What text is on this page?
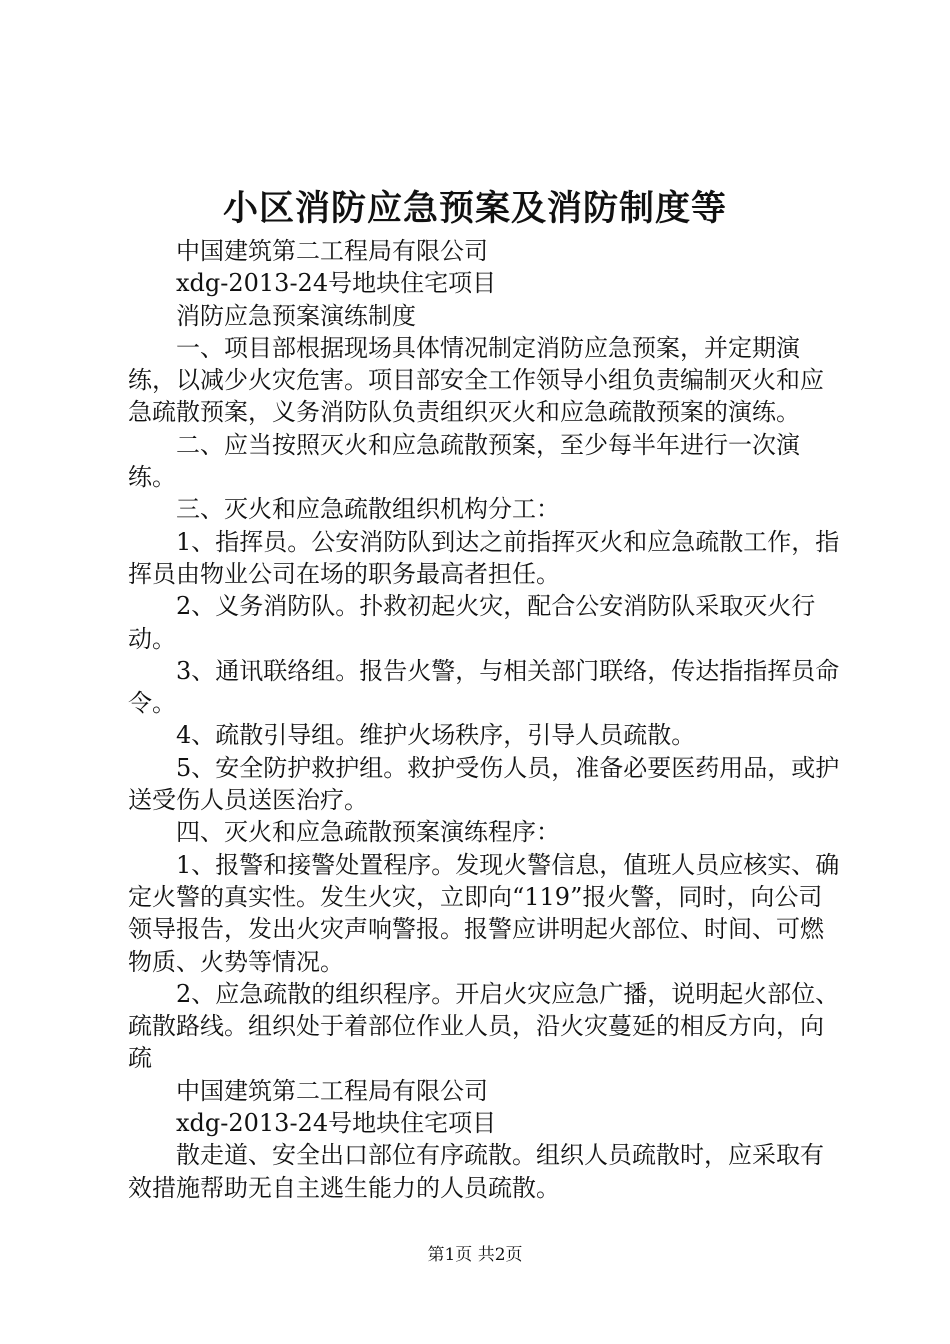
小区消防应急预案及消防制度等

中国建筑第二工程局有限公司

xdg-2013-24号地块住宅项目

消防应急预案演练制度

一、项目部根据现场具体情况制定消防应急预案，并定期演练，以减少火灾危害。项目部安全工作领导小组负责编制灭火和应急疏散预案，义务消防队负责组织灭火和应急疏散预案的演练。

二、应当按照灭火和应急疏散预案，至少每半年进行一次演练。

三、灭火和应急疏散组织机构分工：

1、指挥员。公安消防队到达之前指挥灭火和应急疏散工作，指挥员由物业公司在场的职务最高者担任。

2、义务消防队。扑救初起火灾，配合公安消防队采取灭火行动。

3、通讯联络组。报告火警，与相关部门联络，传达指指挥员命令。

4、疏散引导组。维护火场秩序，引导人员疏散。

5、安全防护救护组。救护受伤人员，准备必要医药用品，或护送受伤人员送医治疗。

四、灭火和应急疏散预案演练程序：

1、报警和接警处置程序。发现火警信息，值班人员应核实、确定火警的真实性。发生火灾，立即向“119”报火警，同时，向公司领导报告，发出火灾声响警报。报警应讲明起火部位、时间、可燃物质、火势等情况。

2、应急疏散的组织程序。开启火灾应急广播，说明起火部位、疏散路线。组织处于着部位作业人员，沿火灾蔓延的相反方向，向疏

中国建筑第二工程局有限公司

xdg-2013-24号地块住宅项目

散走道、安全出口部位有序疏散。组织人员疏散时，应采取有效措施帮助无自主逃生能力的人员疏散。

第1页 共2页
